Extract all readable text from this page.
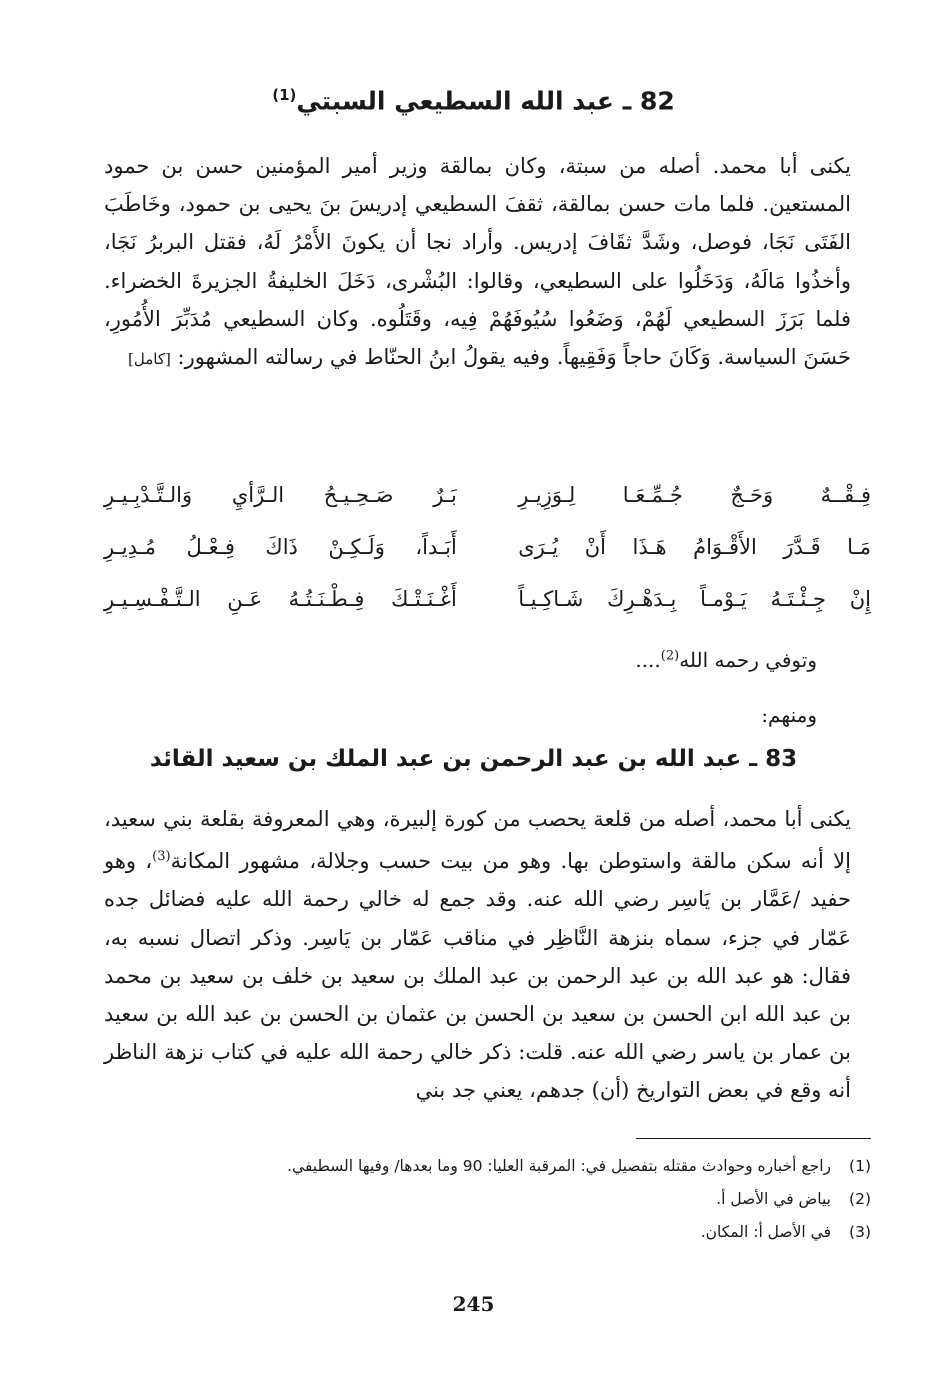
82 ـ عبد الله السطيعي السبتي$^{(1)}$

يكنى أبا محمد. أصله من سبتة، وكان بمالقة وزير أمير المؤمنين حسن بن حمود المستعين. فلما مات حسن بمالقة، ثقفَ السطيعي إدريسَ بنَ يحيى بن حمود، وخَاطَبَ الفَتَى نَجَا، فوصل، وشَدَّ ثقَافَ إدريس. وأراد نجا أن يكونَ الأَمْرُ لَهُ، فقتل البربرُ نَجَا، وأخذُوا مَالَهُ، وَدَخَلُوا على السطيعي، وقالوا: البُشْرى، دَخَلَ الخليفةُ الجزيرةَ الخضراء. فلما بَرَزَ السطيعي لَهُمْ، وَضَعُوا سُيُوفَهُمْ فِيه، وقَتَلُوه. وكان السطيعي مُدَبِّرَ الأُمُورِ، حَسَنَ السياسة. وَكَانَ حاجاً وَفَقِيهاً. وفيه يقولُ ابنُ الحنّاط في رسالته المشهور: [كامل]

فِـقْــهٌ وَحَـجٌ جُـمِّـعَـا لِـوَزِيـرِ
بَـرٌ صَـحِـيـحُ الـرَّأيِ وَالـتَّـدْبِـيـرِ
مَـا قَـدَّرَ الأَقْـوَامُ هَـذَا أَنْ يُـرَى
أَبَـداً، وَلَـكِـنْ ذَاكَ فِـعْـلُ مُـدِيـرِ
إِنْ جِـئْـتَـهُ يَـوْمـاً بِـدَهْـرِكَ شَـاكِـيـاً
أَغْـنَـتْـكَ فِـطْـنَـتُـهُ عَـنِ الـتَّـفْـسِـيـرِ

وتوفي رحمه الله$^{(2)}$....

ومنهم:

83 ـ عبد الله بن عبد الرحمن بن عبد الملك بن سعيد القائد

يكنى أبا محمد، أصله من قلعة يحصب من كورة إلبيرة، وهي المعروفة بقلعة بني سعيد، إلا أنه سكن مالقة واستوطن بها. وهو من بيت حسب وجلالة، مشهور المكانة$^{(3)}$، وهو حفيد /عَمَّار بن يَاسِر رضي الله عنه. وقد جمع له خالي رحمة الله عليه فضائل جده عَمّار في جزء، سماه بنزهة النَّاظِر في مناقب عَمّار بن يَاسِر. وذكر اتصال نسبه به، فقال: هو عبد الله بن عبد الرحمن بن عبد الملك بن سعيد بن خلف بن سعيد بن محمد بن عبد الله ابن الحسن بن سعيد بن الحسن بن عثمان بن الحسن بن عبد الله بن سعيد بن عمار بن ياسر رضي الله عنه. قلت: ذكر خالي رحمة الله عليه في كتاب نزهة الناظر أنه وقع في بعض التواريخ (أن) جدهم، يعني جد بني

(1)
راجع أخباره وحوادث مقتله بتفصيل في: المرقبة العليا: 90 وما بعدها/ وفيها السطيفي.
(2)
بياض في الأصل أ.
(3)
في الأصل أ: المكان.
245
